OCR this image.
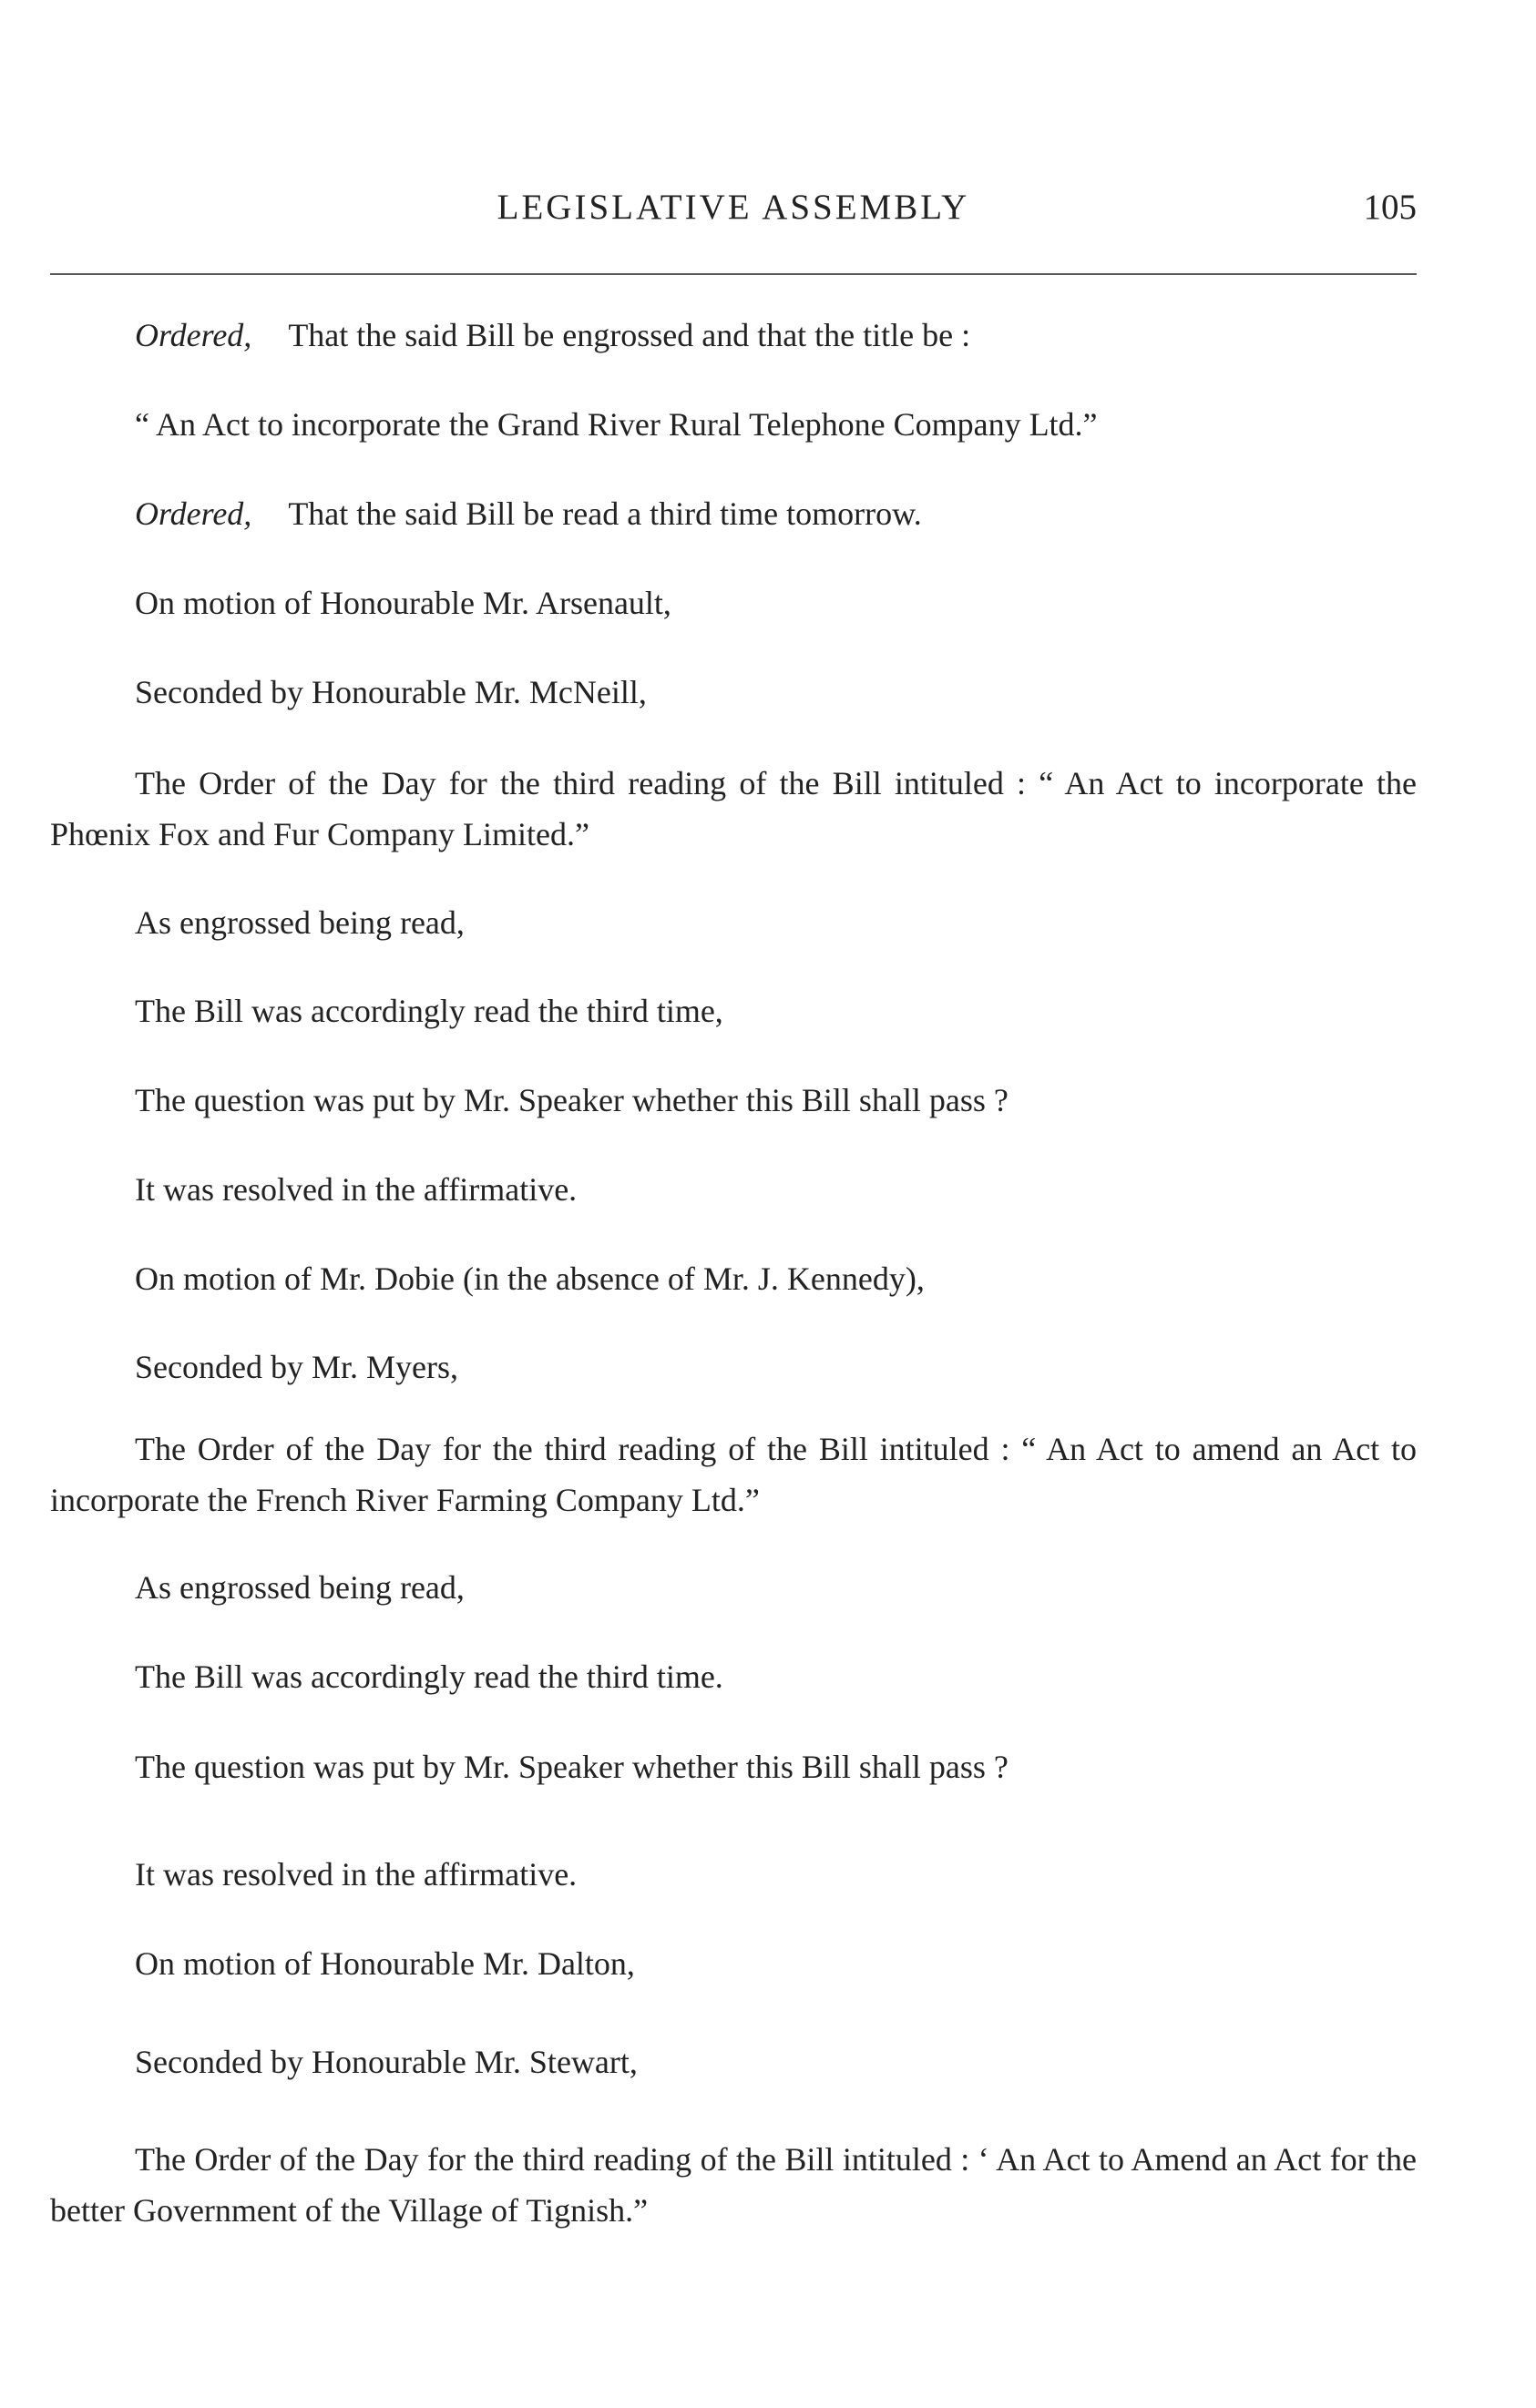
LEGISLATIVE ASSEMBLY	105

Ordered, That the said Bill be engrossed and that the title be :

“ An Act to incorporate the Grand River Rural Telephone Company Ltd.”

Ordered, That the said Bill be read a third time tomorrow.

On motion of Honourable Mr. Arsenault,

Seconded by Honourable Mr. McNeill,

The Order of the Day for the third reading of the Bill intituled : “ An Act to incorporate the Phœnix Fox and Fur Company Limited.”

As engrossed being read,

The Bill was accordingly read the third time,

The question was put by Mr. Speaker whether this Bill shall pass ?

It was resolved in the affirmative.

On motion of Mr. Dobie (in the absence of Mr. J. Kennedy),

Seconded by Mr. Myers,

The Order of the Day for the third reading of the Bill intituled : “ An Act to amend an Act to incorporate the French River Farming Company Ltd.”

As engrossed being read,

The Bill was accordingly read the third time.

The question was put by Mr. Speaker whether this Bill shall pass ?

It was resolved in the affirmative.

On motion of Honourable Mr. Dalton,

Seconded by Honourable Mr. Stewart,

The Order of the Day for the third reading of the Bill intituled : ‘ An Act to Amend an Act for the better Government of the Village of Tignish.”
